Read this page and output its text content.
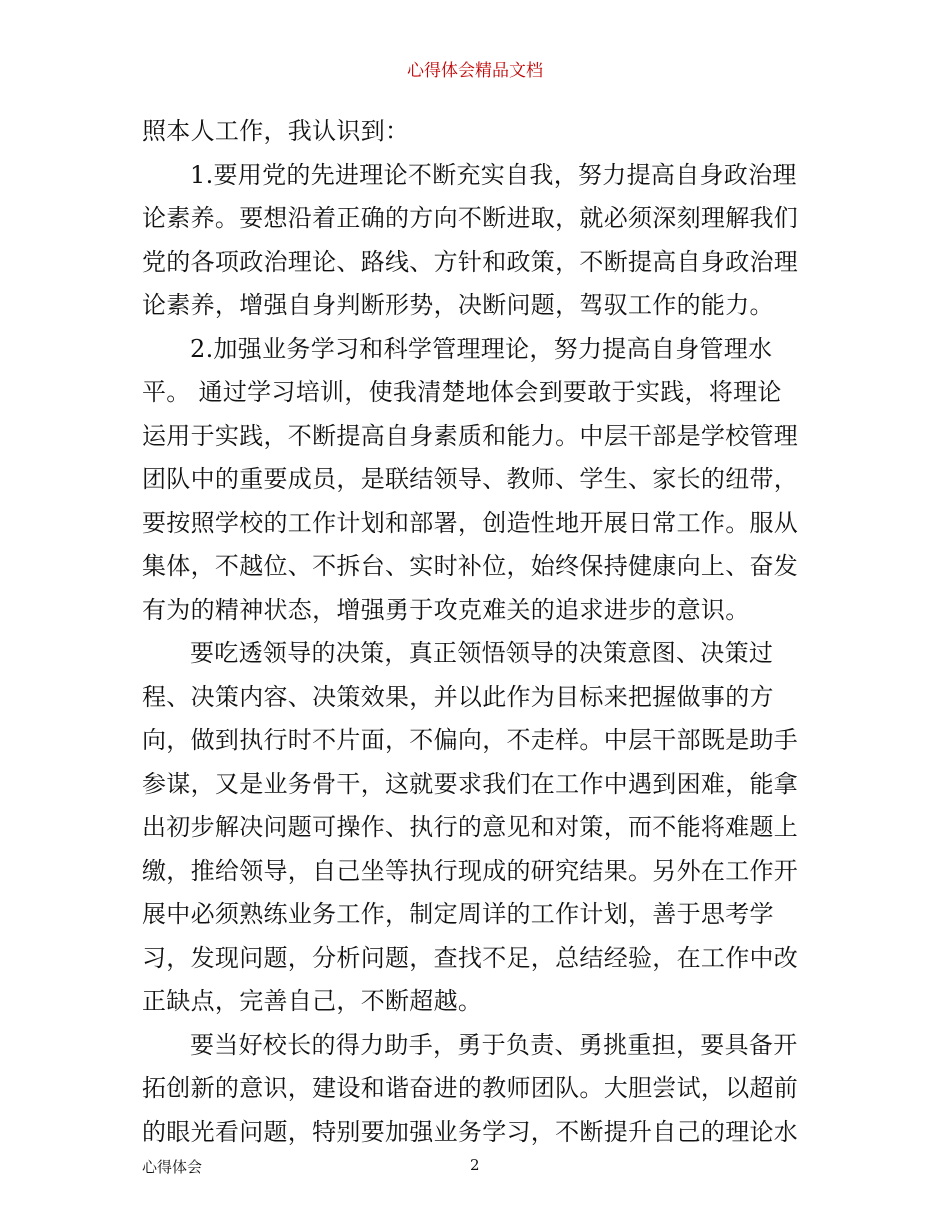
心得体会精品文档
照本人工作，我认识到：
1.要用党的先进理论不断充实自我，努力提高自身政治理
论素养。要想沿着正确的方向不断进取，就必须深刻理解我们
党的各项政治理论、路线、方针和政策，不断提高自身政治理
论素养，增强自身判断形势，决断问题，驾驭工作的能力。
2.加强业务学习和科学管理理论，努力提高自身管理水
平。 通过学习培训，使我清楚地体会到要敢于实践，将理论
运用于实践，不断提高自身素质和能力。中层干部是学校管理
团队中的重要成员，是联结领导、教师、学生、家长的纽带，
要按照学校的工作计划和部署，创造性地开展日常工作。服从
集体，不越位、不拆台、实时补位，始终保持健康向上、奋发
有为的精神状态，增强勇于攻克难关的追求进步的意识。
要吃透领导的决策，真正领悟领导的决策意图、决策过
程、决策内容、决策效果，并以此作为目标来把握做事的方
向，做到执行时不片面，不偏向，不走样。中层干部既是助手
参谋，又是业务骨干，这就要求我们在工作中遇到困难，能拿
出初步解决问题可操作、执行的意见和对策，而不能将难题上
缴，推给领导，自己坐等执行现成的研究结果。另外在工作开
展中必须熟练业务工作，制定周详的工作计划，善于思考学
习，发现问题，分析问题，查找不足，总结经验，在工作中改
正缺点，完善自己，不断超越。
要当好校长的得力助手，勇于负责、勇挑重担，要具备开
拓创新的意识，建设和谐奋进的教师团队。大胆尝试，以超前
的眼光看问题，特别要加强业务学习，不断提升自己的理论水
心得体会	2
